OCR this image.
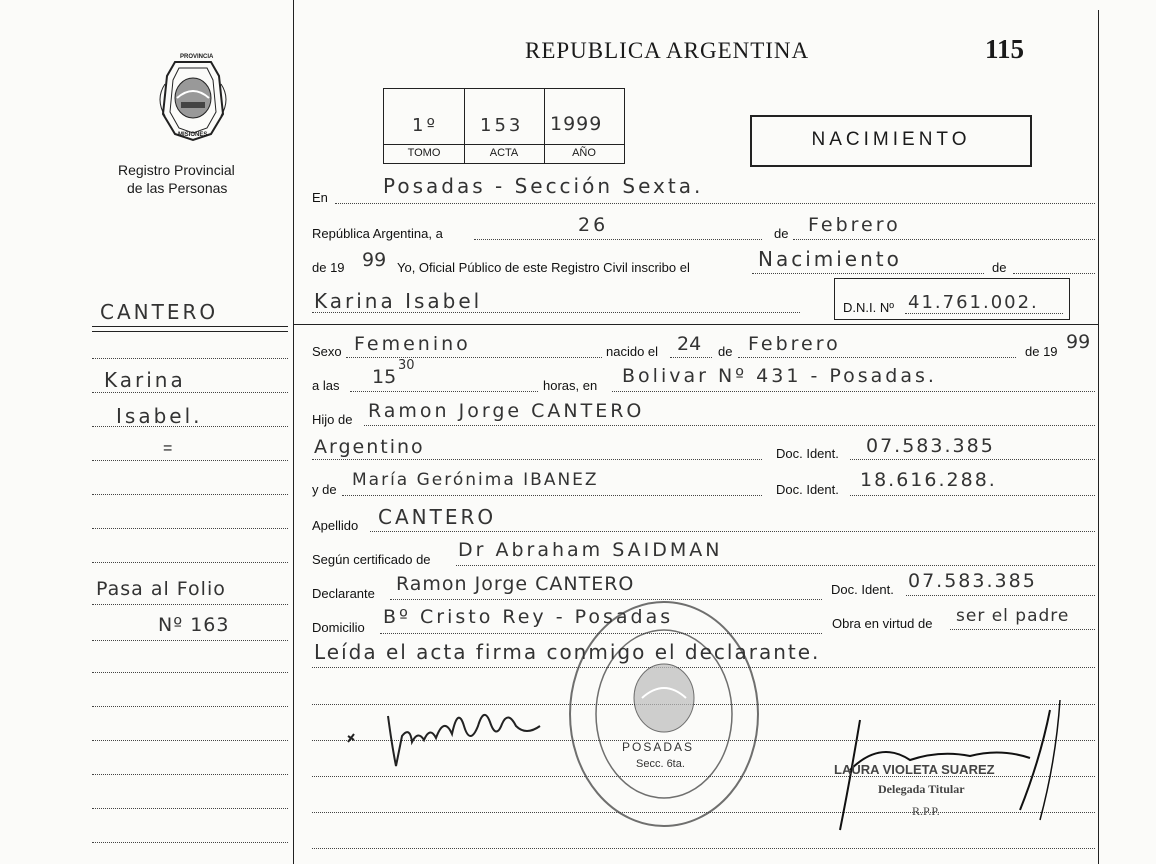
REPUBLICA ARGENTINA	115
PROVINCIA
MISIONES
Registro Provincial
de las Personas
1º 153 1999
TOMO	ACTA	AÑO
NACIMIENTO
CANTERO
Karina
Isabel.
=
Pasa al Folio
Nº 163
En	Posadas - Sección Sexta.
República Argentina, a	26	de Febrero
de 19 99 Yo, Oficial Público de este Registro Civil inscribo el	Nacimiento	de
Karina Isabel	D.N.I. Nº 41.761.002.
Sexo Femenino	nacido el 24 de Febrero	de 19 99
a las 15
30
horas, en Bolivar Nº 431 - Posadas.
Hijo de Ramon Jorge CANTERO
Argentino	Doc. Ident. 07.583.385
y de María Gerónima IBANEZ	Doc. Ident. 18.616.288.
Apellido CANTERO
Según certificado de Dr Abraham SAIDMAN
Declarante Ramon Jorge CANTERO	Doc. Ident. 07.583.385
Domicilio Bº Cristo Rey - Posadas	Obra en virtud de ser el padre
Leída el acta firma conmigo el declarante.
POSADAS
Secc. 6ta.	LAURA VIOLETA SUAREZ
Delegada Titular
R.P.P.
